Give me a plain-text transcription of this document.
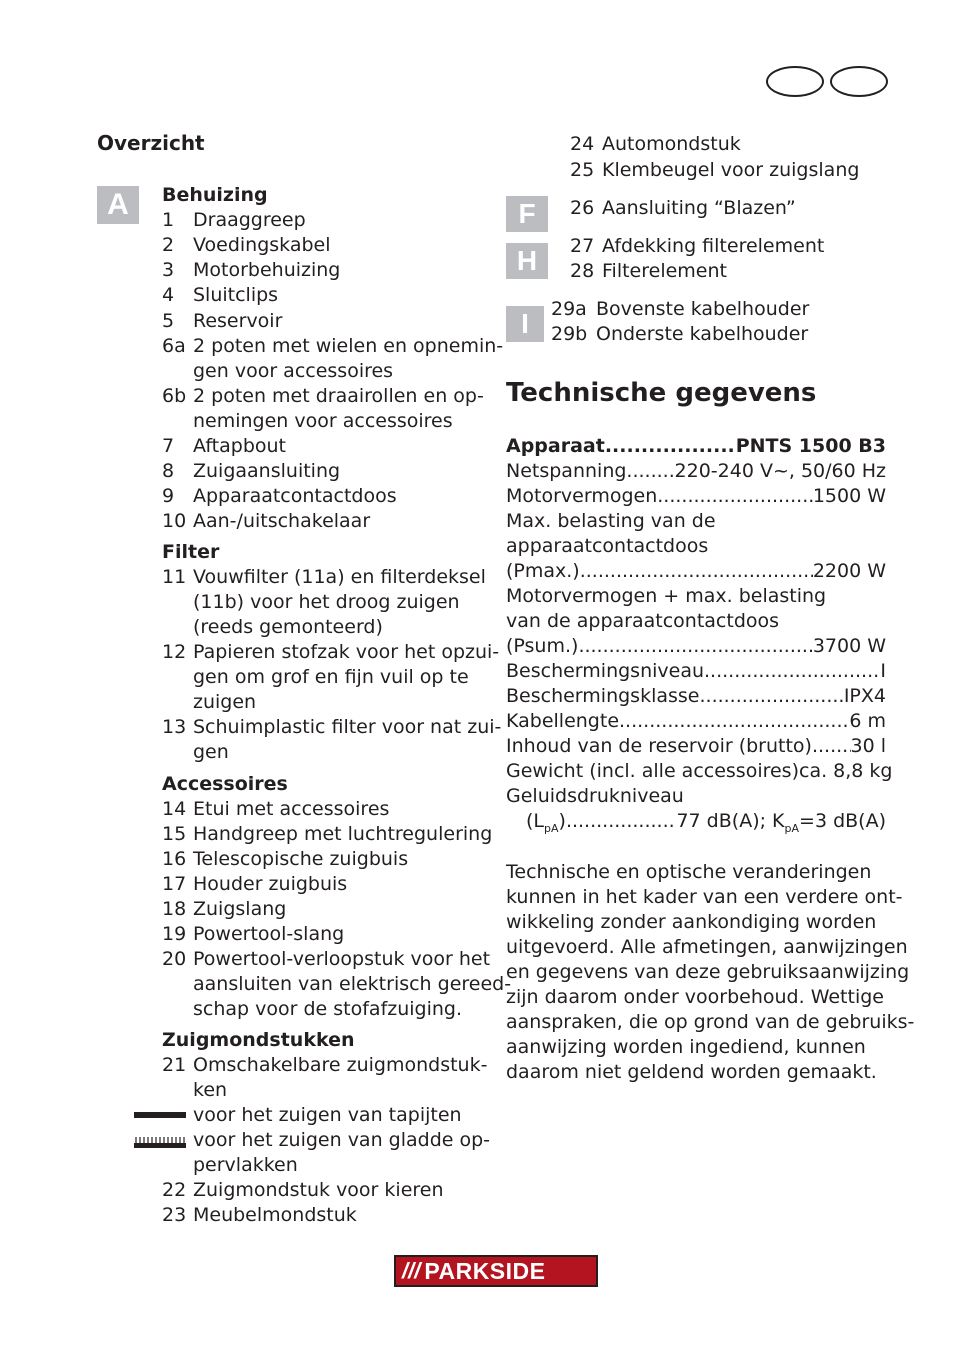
Overzicht
A	Behuizing
1 Draaggreep
2 Voedingskabel
3 Motorbehuizing
4 Sluitclips
5 Reservoir
6a 2 poten met wielen en opnemin-
gen voor accessoires
6b 2 poten met draairollen en op-
nemingen voor accessoires
7 Aftapbout
8 Zuigaansluiting
9 Apparaatcontactdoos
10 Aan-/uitschakelaar
11 Vouwfilter (11a) en filterdeksel
(11b) voor het droog zuigen
(reeds gemonteerd)
12 Papieren stofzak voor het opzui-
gen om grof en fijn vuil op te
zuigen
13 Schuimplastic filter voor nat zui-
gen
14 Etui met accessoires
15 Handgreep met luchtregulering
16 Telescopische zuigbuis
17 Houder zuigbuis
18 Zuigslang
19 Powertool-slang
20 Powertool-verloopstuk voor het
aansluiten van elektrisch gereed-
schap voor de stofafzuiging.
21 Omschakelbare zuigmondstuk-
ken
voor het zuigen van tapijten
voor het zuigen van gladde op-
pervlakken
22 Zuigmondstuk voor kieren
23 Meubelmondstuk
24 Automondstuk
25 Klembeugel voor zuigslang
26 Aansluiting “Blazen”
27 Afdekking filterelement
28 Filterelement
29a Bovenste kabelhouder
29b Onderste kabelhouder
Filter
Accessoires
Zuigmondstukken
F
H
I
Technische gegevens
Apparaat .....	PNTS 1500 B3
Netspanning .....	220-240 V~, 50/60 Hz
Motorvermogen .....	1500 W
Max. belasting van de
apparaatcontactdoos
(Pmax.) .....	2200 W
Motorvermogen + max. belasting
van de apparaatcontactdoos
(Psum.) .....	3700 W
Beschermingsniveau .....	I
Beschermingsklasse .....	IPX4
Kabellengte .....	6 m
Inhoud van de reservoir (brutto) ..... 30 l
Gewicht (incl. alle accessoires) ca. 8,8 kg
Geluidsdrukniveau
$(L_{pA})$ .....	77 dB(A); $K_{pA}=3$ dB(A)
Technische en optische veranderingen
kunnen in het kader van een verdere ont-
wikkeling zonder aankondiging worden
uitgevoerd. Alle afmetingen, aanwijzingen
en gegevens van deze gebruiksaanwijzing
zijn daarom onder voorbehoud. Wettige
aanspraken, die op grond van de gebruiks-
aanwijzing worden ingediend, kunnen
daarom niet geldend worden gemaakt.
/// PARKSIDE
